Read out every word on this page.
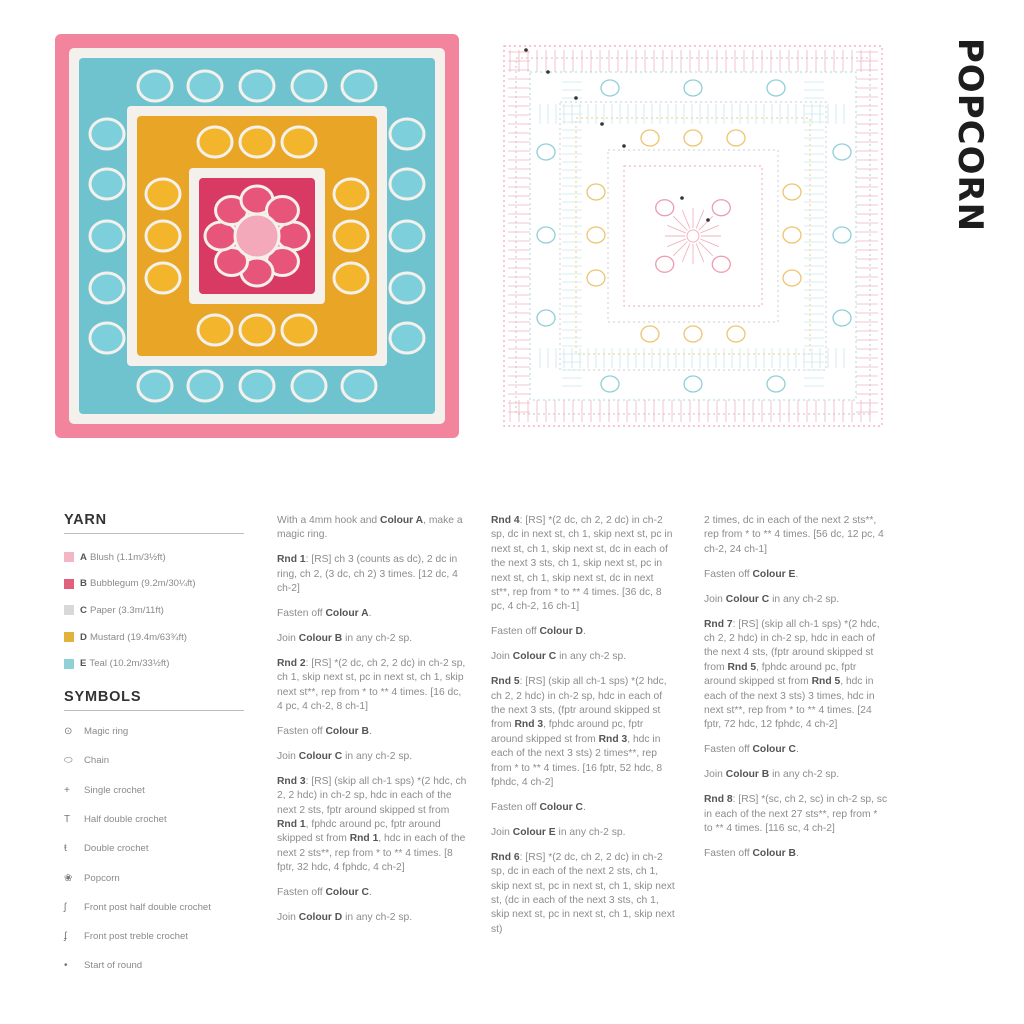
POPCORN
YARN
A Blush (1.1m/3½ft)
B Bubblegum (9.2m/30¼ft)
C Paper (3.3m/11ft)
D Mustard (19.4m/63¾ft)
E Teal (10.2m/33½ft)
SYMBOLS
⊙	Magic ring
⬭	Chain
+	Single crochet
T	Half double crochet
ŧ	Double crochet
❀	Popcorn
ʃ	Front post half double crochet
ʄ	Front post treble crochet
•	Start of round

With a 4mm hook and Colour A, make a magic ring.

Rnd 1: [RS] ch 3 (counts as dc), 2 dc in ring, ch 2, (3 dc, ch 2) 3 times. [12 dc, 4 ch-2]

Fasten off Colour A.

Join Colour B in any ch-2 sp.

Rnd 2: [RS] *(2 dc, ch 2, 2 dc) in ch-2 sp, ch 1, skip next st, pc in next st, ch 1, skip next st**, rep from * to ** 4 times. [16 dc, 4 pc, 4 ch-2, 8 ch-1]

Fasten off Colour B.

Join Colour C in any ch-2 sp.

Rnd 3: [RS] (skip all ch-1 sps) *(2 hdc, ch 2, 2 hdc) in ch-2 sp, hdc in each of the next 2 sts, fptr around skipped st from Rnd 1, fphdc around pc, fptr around skipped st from Rnd 1, hdc in each of the next 2 sts**, rep from * to ** 4 times. [8 fptr, 32 hdc, 4 fphdc, 4 ch-2]

Fasten off Colour C.

Join Colour D in any ch-2 sp.

Rnd 4: [RS] *(2 dc, ch 2, 2 dc) in ch-2 sp, dc in next st, ch 1, skip next st, pc in next st, ch 1, skip next st, dc in each of the next 3 sts, ch 1, skip next st, pc in next st, ch 1, skip next st, dc in next st**, rep from * to ** 4 times. [36 dc, 8 pc, 4 ch-2, 16 ch-1]

Fasten off Colour D.

Join Colour C in any ch-2 sp.

Rnd 5: [RS] (skip all ch-1 sps) *(2 hdc, ch 2, 2 hdc) in ch-2 sp, hdc in each of the next 3 sts, (fptr around skipped st from Rnd 3, fphdc around pc, fptr around skipped st from Rnd 3, hdc in each of the next 3 sts) 2 times**, rep from * to ** 4 times. [16 fptr, 52 hdc, 8 fphdc, 4 ch-2]

Fasten off Colour C.

Join Colour E in any ch-2 sp.

Rnd 6: [RS] *(2 dc, ch 2, 2 dc) in ch-2 sp, dc in each of the next 2 sts, ch 1, skip next st, pc in next st, ch 1, skip next st, (dc in each of the next 3 sts, ch 1, skip next st, pc in next st, ch 1, skip next st)

2 times, dc in each of the next 2 sts**, rep from * to ** 4 times. [56 dc, 12 pc, 4 ch-2, 24 ch-1]

Fasten off Colour E.

Join Colour C in any ch-2 sp.

Rnd 7: [RS] (skip all ch-1 sps) *(2 hdc, ch 2, 2 hdc) in ch-2 sp, hdc in each of the next 4 sts, (fptr around skipped st from Rnd 5, fphdc around pc, fptr around skipped st from Rnd 5, hdc in each of the next 3 sts) 3 times, hdc in next st**, rep from * to ** 4 times. [24 fptr, 72 hdc, 12 fphdc, 4 ch-2]

Fasten off Colour C.

Join Colour B in any ch-2 sp.

Rnd 8: [RS] *(sc, ch 2, sc) in ch-2 sp, sc in each of the next 27 sts**, rep from * to ** 4 times. [116 sc, 4 ch-2]

Fasten off Colour B.
